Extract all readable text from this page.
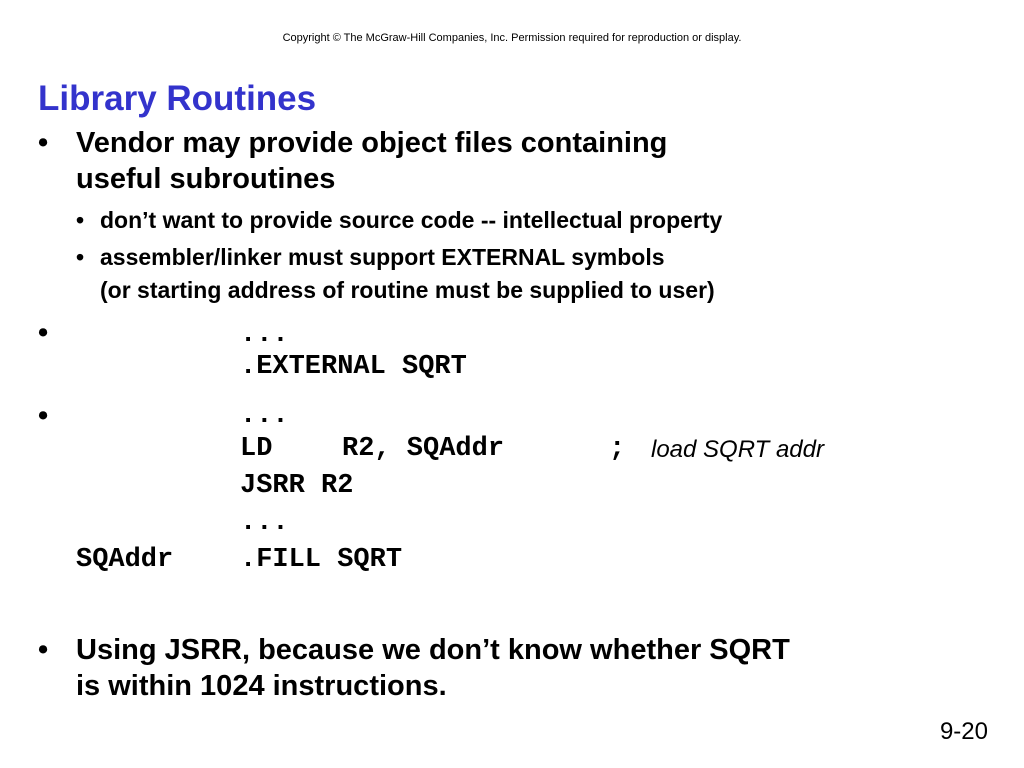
Copyright © The McGraw-Hill Companies, Inc. Permission required for reproduction or display.
Library Routines
• Vendor may provide object files containing
useful subroutines
• don’t want to provide source code -- intellectual property
• assembler/linker must support EXTERNAL symbols
(or starting address of routine must be supplied to user)
•	...
.EXTERNAL SQRT
•	...
LD	R2, SQAddr	; load SQRT addr
JSRR R2
...
SQAddr .FILL SQRT
• Using JSRR, because we don’t know whether SQRT
is within 1024 instructions.
9-20
